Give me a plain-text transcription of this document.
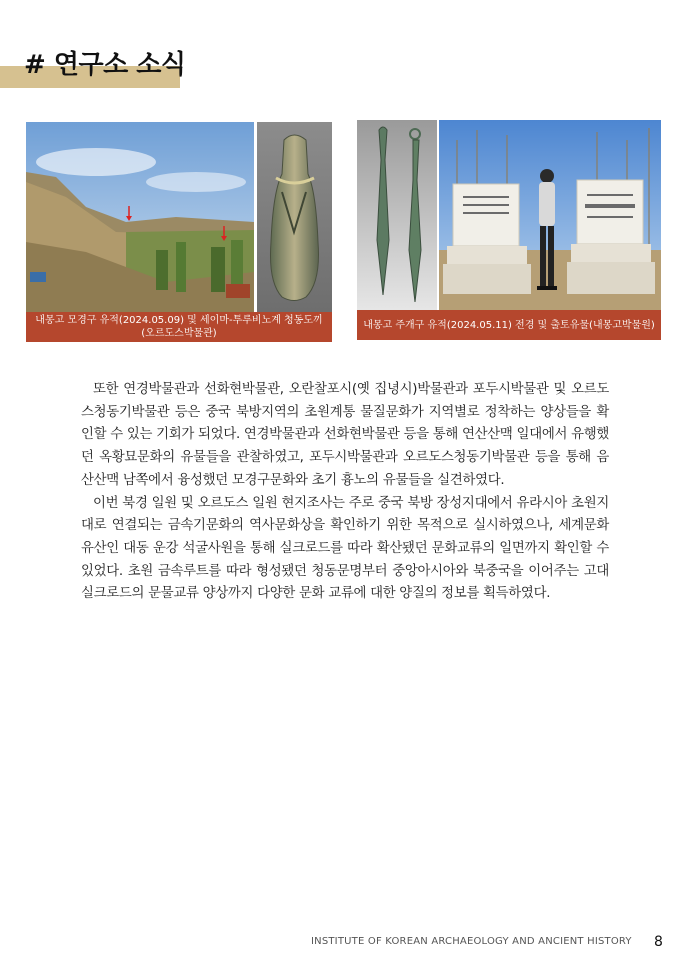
# 연구소 소식
내몽고 모경구 유적(2024.05.09) 및 세이마-투루비노계 청동도끼(오르도스박물관)
내몽고 주개구 유적(2024.05.11) 전경 및 출토유물(내몽고박물원)

또한 연경박물관과 선화현박물관, 오란찰포시(옛 집녕시)박물관과 포두시박물관 및 오르도스청동기박물관 등은 중국 북방지역의 초원계통 물질문화가 지역별로 정착하는 양상들을 확인할 수 있는 기회가 되었다. 연경박물관과 선화현박물관 등을 통해 연산산맥 일대에서 유행했던 옥황묘문화의 유물들을 관찰하였고, 포두시박물관과 오르도스청동기박물관 등을 통해 음산산맥 남쪽에서 융성했던 모경구문화와 초기 흉노의 유물들을 실견하였다.

이번 북경 일원 및 오르도스 일원 현지조사는 주로 중국 북방 장성지대에서 유라시아 초원지대로 연결되는 금속기문화의 역사문화상을 확인하기 위한 목적으로 실시하였으나, 세계문화유산인 대동 운강 석굴사원을 통해 실크로드를 따라 확산됐던 문화교류의 일면까지 확인할 수 있었다. 초원 금속루트를 따라 형성됐던 청동문명부터 중앙아시아와 북중국을 이어주는 고대 실크로드의 문물교류 양상까지 다양한 문화 교류에 대한 양질의 정보를 획득하였다.

INSTITUTE OF KOREAN ARCHAEOLOGY AND ANCIENT HISTORY 8
